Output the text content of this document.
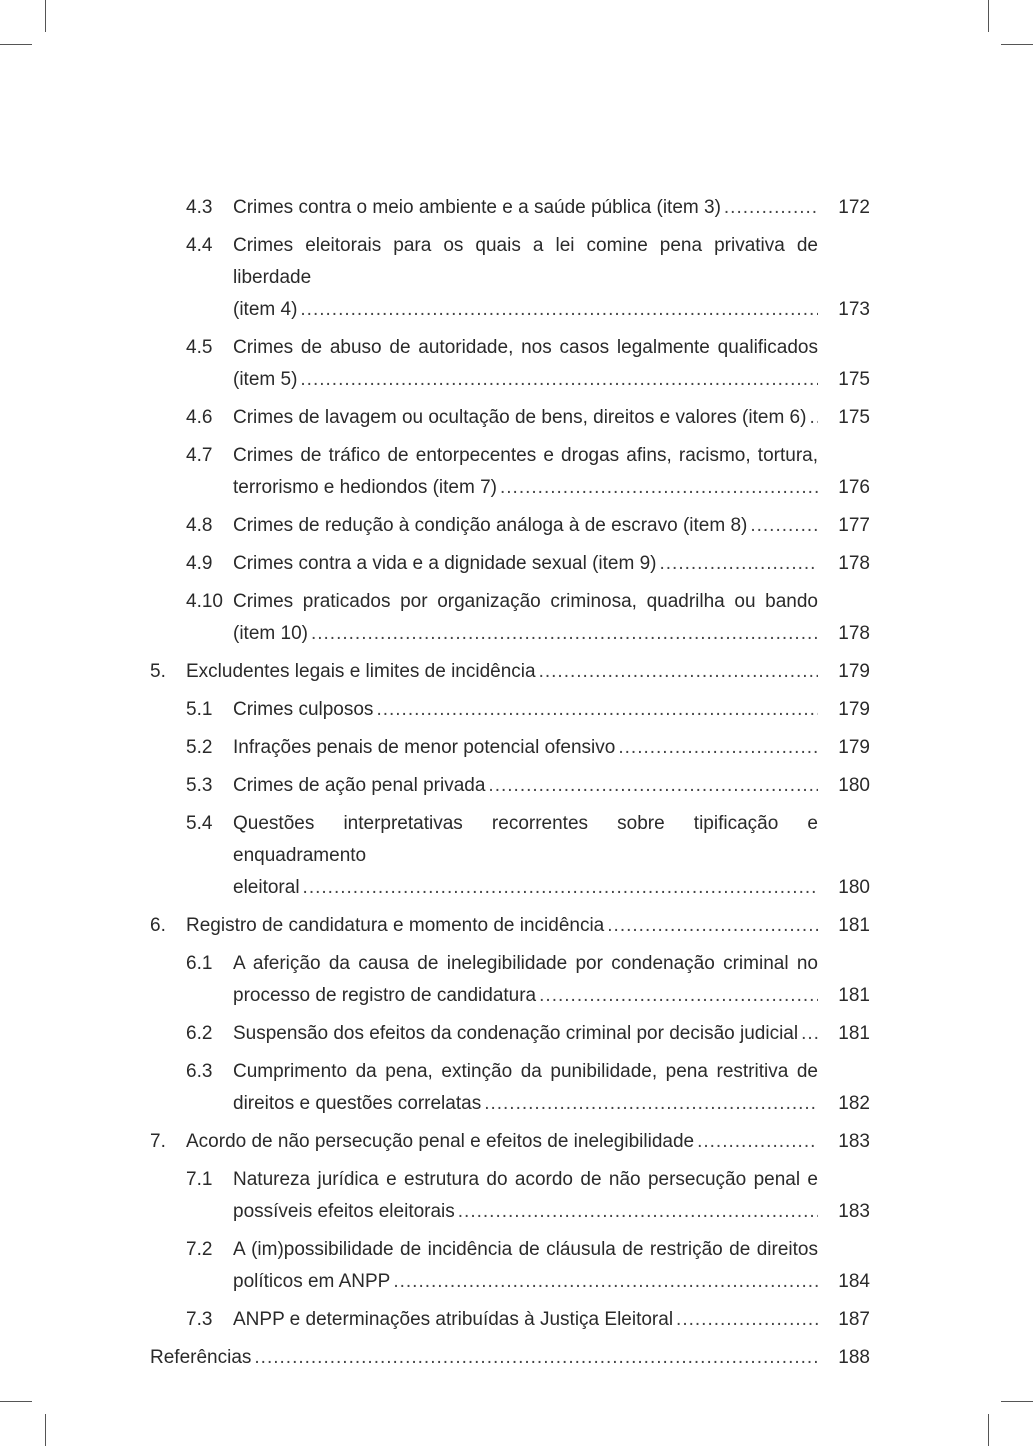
4.3 Crimes contra o meio ambiente e a saúde pública (item 3) .....	172
4.4 Crimes eleitorais para os quais a lei comine pena privativa de liberdade
(item 4) .....	173
4.5 Crimes de abuso de autoridade, nos casos legalmente qualificados
(item 5) .....	175
4.6 Crimes de lavagem ou ocultação de bens, direitos e valores (item 6) .....	175
4.7 Crimes de tráfico de entorpecentes e drogas afins, racismo, tortura,
terrorismo e hediondos (item 7) .....	176
4.8 Crimes de redução à condição análoga à de escravo (item 8) .....	177
4.9 Crimes contra a vida e a dignidade sexual (item 9) .....	178
4.10 Crimes praticados por organização criminosa, quadrilha ou bando
(item 10) .....	178
5. Excludentes legais e limites de incidência .....	179
5.1 Crimes culposos .....	179
5.2 Infrações penais de menor potencial ofensivo .....	179
5.3 Crimes de ação penal privada .....	180
5.4 Questões interpretativas recorrentes sobre tipificação e enquadramento
eleitoral .....	180
6. Registro de candidatura e momento de incidência .....	181
6.1 A aferição da causa de inelegibilidade por condenação criminal no
processo de registro de candidatura .....	181
6.2 Suspensão dos efeitos da condenação criminal por decisão judicial .....	181
6.3 Cumprimento da pena, extinção da punibilidade, pena restritiva de
direitos e questões correlatas .....	182
7. Acordo de não persecução penal e efeitos de inelegibilidade .....	183
7.1 Natureza jurídica e estrutura do acordo de não persecução penal e
possíveis efeitos eleitorais .....	183
7.2 A (im)possibilidade de incidência de cláusula de restrição de direitos
políticos em ANPP .....	184
7.3 ANPP e determinações atribuídas à Justiça Eleitoral .....	187
Referências .....	188
